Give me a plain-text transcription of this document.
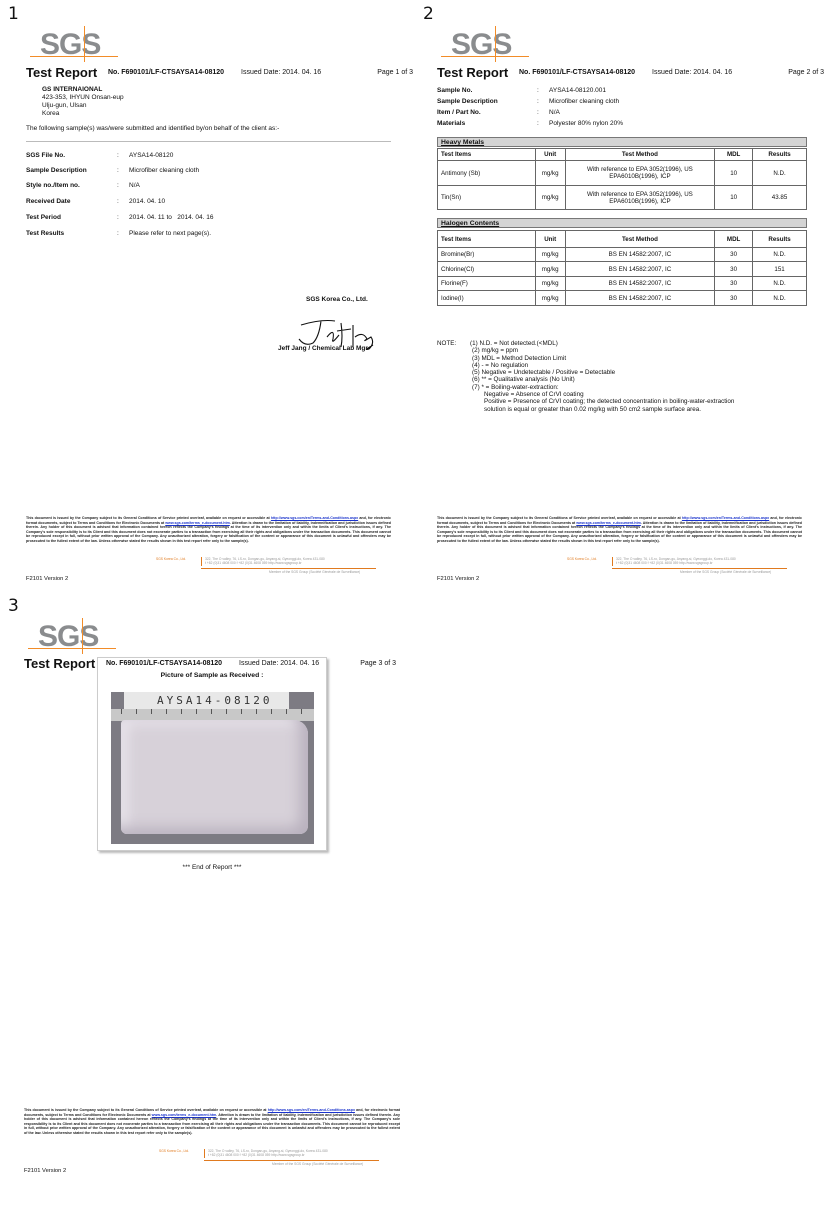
1	2
3
SGS
Test Report No. F690101/LF-CTSAYSA14-08120 Issued Date: 2014. 04. 16	Page 1 of 3
GS INTERNAIONAL
423-353, IHYUN Onsan-eup
Ulju-gun, Ulsan
Korea
The following sample(s) was/were submitted and identified by/on behalf of the client as:-
SGS File No.	: AYSA14-08120
Sample Description	: Microfiber cleaning cloth
Style no./Item no.	: N/A
Received Date	: 2014. 04. 10
Test Period	: 2014. 04. 11 to   2014. 04. 16
Test Results	: Please refer to next page(s).
SGS Korea Co., Ltd.
Jeff Jang / Chemical Lab Mgr
This document is issued by the Company subject to its General Conditions of Service printed overleaf, available on request or accessible at http://www.sgs.com/en/Terms-and-Conditions.aspx and, for electronic format documents, subject to Terms and Conditions for Electronic Documents at www.sgs.com/terms_e-document.htm. Attention is drawn to the limitation of liability, indemnification and jurisdiction issues defined therein. Any holder of this document is advised that information contained hereon reflects the Company's findings at the time of its intervention only and within the limits of Client's instructions, if any. The Company's sole responsibility is to its Client and this document does not exonerate parties to a transaction from exercising all their rights and obligations under the transaction documents. This document cannot be reproduced except in full, without prior written approval of the Company. Any unauthorized alteration, forgery or falsification of the content or appearance of this document is unlawful and offenders may be prosecuted to the fullest extent of the law. Unless otherwise stated the results shown in this test report refer only to the sample(s).
SGS Korea Co., Ltd.	322, The O valley, 76, LS-ro, Dongan-gu, Anyang-si, Gyeonggi-do, Korea 431-080
t +82 (0)31 4608 000 f +82 (0)31 4608 059 http://www.sgsgroup.kr
Member of the SGS Group (Société Générale de Surveillance)
F2101 Version 2
SGS
Test Report No. F690101/LF-CTSAYSA14-08120 Issued Date: 2014. 04. 16	Page 2 of 3
Sample No.	: AYSA14-08120.001
Sample Description	: Microfiber cleaning cloth
Item / Part No.	: N/A
Materials	: Polyester 80% nylon 20%
Heavy Metals
Test Items	Unit	Test Method	MDL	Results
Antimony (Sb)	mg/kg	With reference to EPA 3052(1996), US EPA6010B(1996), ICP	10	N.D.
Tin(Sn)	mg/kg	With reference to EPA 3052(1996), US EPA6010B(1996), ICP	10	43.85
Halogen Contents
Test Items	Unit	Test Method	MDL	Results
Bromine(Br)	mg/kg	BS EN 14582:2007, IC	30	N.D.
Chlorine(Cl)	mg/kg	BS EN 14582:2007, IC	30	151
Florine(F)	mg/kg	BS EN 14582:2007, IC	30	N.D.
Iodine(I)	mg/kg	BS EN 14582:2007, IC	30	N.D.
NOTE: (1) N.D. = Not detected.(<MDL)
(2) mg/kg = ppm
(3) MDL = Method Detection Limit
(4) - = No regulation
(5) Negative = Undetectable / Positive = Detectable
(6) ** = Qualitative analysis (No Unit)
(7) * = Boiling-water-extraction:
Negative = Absence of CrVI coating
Positive = Presence of CrVI coating; the detected concentration in boiling-water-extraction
solution is equal or greater than 0.02 mg/kg with 50 cm2 sample surface area.
This document is issued by the Company subject to its General Conditions of Service printed overleaf, available on request or accessible at http://www.sgs.com/en/Terms-and-Conditions.aspx and, for electronic format documents, subject to Terms and Conditions for Electronic Documents at www.sgs.com/terms_e-document.htm. Attention is drawn to the limitation of liability, indemnification and jurisdiction issues defined therein. Any holder of this document is advised that information contained hereon reflects the Company's findings at the time of its intervention only and within the limits of Client's instructions, if any. The Company's sole responsibility is to its Client and this document does not exonerate parties to a transaction from exercising all their rights and obligations under the transaction documents. This document cannot be reproduced except in full, without prior written approval of the Company. Any unauthorized alteration, forgery or falsification of the content or appearance of this document is unlawful and offenders may be prosecuted to the fullest extent of the law. Unless otherwise stated the results shown in this test report refer only to the sample(s).
SGS Korea Co., Ltd.	322, The O valley, 76, LS-ro, Dongan-gu, Anyang-si, Gyeonggi-do, Korea 431-080
t +82 (0)31 4608 000 f +82 (0)31 4608 059 http://www.sgsgroup.kr
Member of the SGS Group (Société Générale de Surveillance)
F2101 Version 2
SGS
Test Report No. F690101/LF-CTSAYSA14-08120 Issued Date: 2014. 04. 16	Page 3 of 3
Picture of Sample as Received :
AYSA14-08120
*** End of Report ***
This document is issued by the Company subject to its General Conditions of Service printed overleaf, available on request or accessible at http://www.sgs.com/en/Terms-and-Conditions.aspx and, for electronic format documents, subject to Terms and Conditions for Electronic Documents at www.sgs.com/terms_e-document.htm. Attention is drawn to the limitation of liability, indemnification and jurisdiction issues defined therein. Any holder of this document is advised that information contained hereon reflects the Company's findings at the time of its intervention only and within the limits of Client's instructions, if any. The Company's sole responsibility is to its Client and this document does not exonerate parties to a transaction from exercising all their rights and obligations under the transaction documents. This document cannot be reproduced except in full, without prior written approval of the Company. Any unauthorized alteration, forgery or falsification of the content or appearance of this document is unlawful and offenders may be prosecuted to the fullest extent of the law. Unless otherwise stated the results shown in this test report refer only to the sample(s).
SGS Korea Co., Ltd.	322, The O valley, 76, LS-ro, Dongan-gu, Anyang-si, Gyeonggi-do, Korea 431-080
t +82 (0)31 4608 000 f +82 (0)31 4608 059 http://www.sgsgroup.kr
Member of the SGS Group (Société Générale de Surveillance)
F2101 Version 2
